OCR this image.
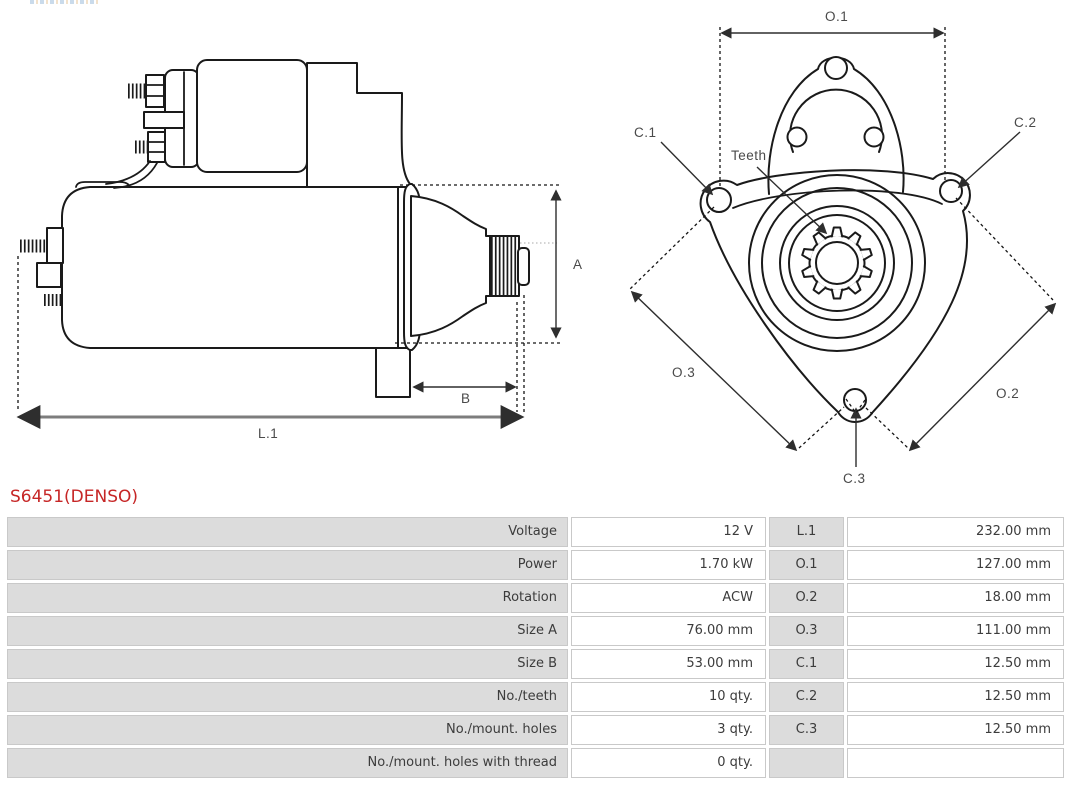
A
B
L.1
O.1
Teeth
C.1
C.2
C.3
O.3
O.2
S6451(DENSO)
Voltage	12 V	L.1	232.00 mm
Power	1.70 kW	O.1	127.00 mm
Rotation	ACW	O.2	18.00 mm
Size A	76.00 mm	O.3	111.00 mm
Size B	53.00 mm	C.1	12.50 mm
No./teeth	10 qty.	C.2	12.50 mm
No./mount. holes	3 qty.	C.3	12.50 mm
No./mount. holes with thread	0 qty.
